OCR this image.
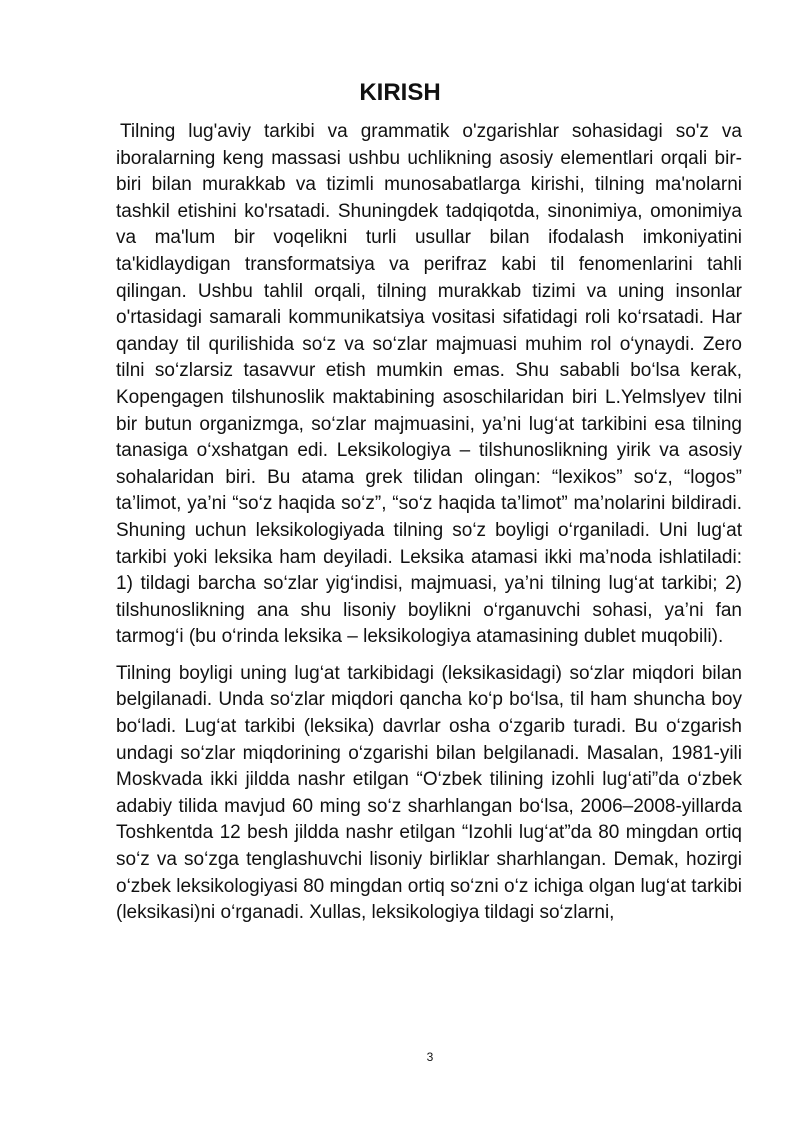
KIRISH

Tilning lug'aviy tarkibi va grammatik o'zgarishlar sohasidagi so'z va iboralarning keng massasi ushbu uchlikning asosiy elementlari orqali bir-biri bilan murakkab va tizimli munosabatlarga kirishi, tilning ma'nolarni tashkil etishini ko'rsatadi. Shuningdek tadqiqotda, sinonimiya, omonimiya va ma'lum bir voqelikni turli usullar bilan ifodalash imkoniyatini ta'kidlaydigan transformatsiya va perifraz kabi til fenomenlarini tahli qilingan. Ushbu tahlil orqali, tilning murakkab tizimi va uning insonlar o'rtasidagi samarali kommunikatsiya vositasi sifatidagi roli ko‘rsatadi. Har qanday til qurilishida so‘z va so‘zlar majmuasi muhim rol o‘ynaydi. Zero tilni so‘zlarsiz tasavvur etish mumkin emas. Shu sababli bo‘lsa kerak, Kopengagen tilshunoslik maktabining asoschilaridan biri L.Yelmslyev tilni bir butun organizmga, so‘zlar majmuasini, ya’ni lug‘at tarkibini esa tilning tanasiga o‘xshatgan edi. Leksikologiya – tilshunoslikning yirik va asosiy sohalaridan biri. Bu atama grek tilidan olingan: “lexikos” so‘z, “logos” ta’limot, ya’ni “so‘z haqida so‘z”, “so‘z haqida ta’limot” ma’nolarini bildiradi. Shuning uchun leksikologiyada tilning so‘z boyligi o‘rganiladi. Uni lug‘at tarkibi yoki leksika ham deyiladi. Leksika atamasi ikki ma’noda ishlatiladi: 1) tildagi barcha so‘zlar yig‘indisi, majmuasi, ya’ni tilning lug‘at tarkibi; 2) tilshunoslikning ana shu lisoniy boylikni o‘rganuvchi sohasi, ya’ni fan tarmog‘i (bu o‘rinda leksika – leksikologiya atamasining dublet muqobili).

Tilning boyligi uning lug‘at tarkibidagi (leksikasidagi) so‘zlar miqdori bilan belgilanadi. Unda so‘zlar miqdori qancha ko‘p bo‘lsa, til ham shuncha boy bo‘ladi. Lug‘at tarkibi (leksika) davrlar osha o‘zgarib turadi. Bu o‘zgarish undagi so‘zlar miqdorining o‘zgarishi bilan belgilanadi. Masalan, 1981-yili Moskvada ikki jildda nashr etilgan “O‘zbek tilining izohli lug‘ati”da o‘zbek adabiy tilida mavjud 60 ming so‘z sharhlangan bo‘lsa, 2006–2008-yillarda Toshkentda 12 besh jildda nashr etilgan “Izohli lug‘at”da 80 mingdan ortiq so‘z va so‘zga tenglashuvchi lisoniy birliklar sharhlangan. Demak, hozirgi o‘zbek leksikologiyasi 80 mingdan ortiq so‘zni o‘z ichiga olgan lug‘at tarkibi (leksikasi)ni o‘rganadi. Xullas, leksikologiya tildagi so‘zlarni,

3
